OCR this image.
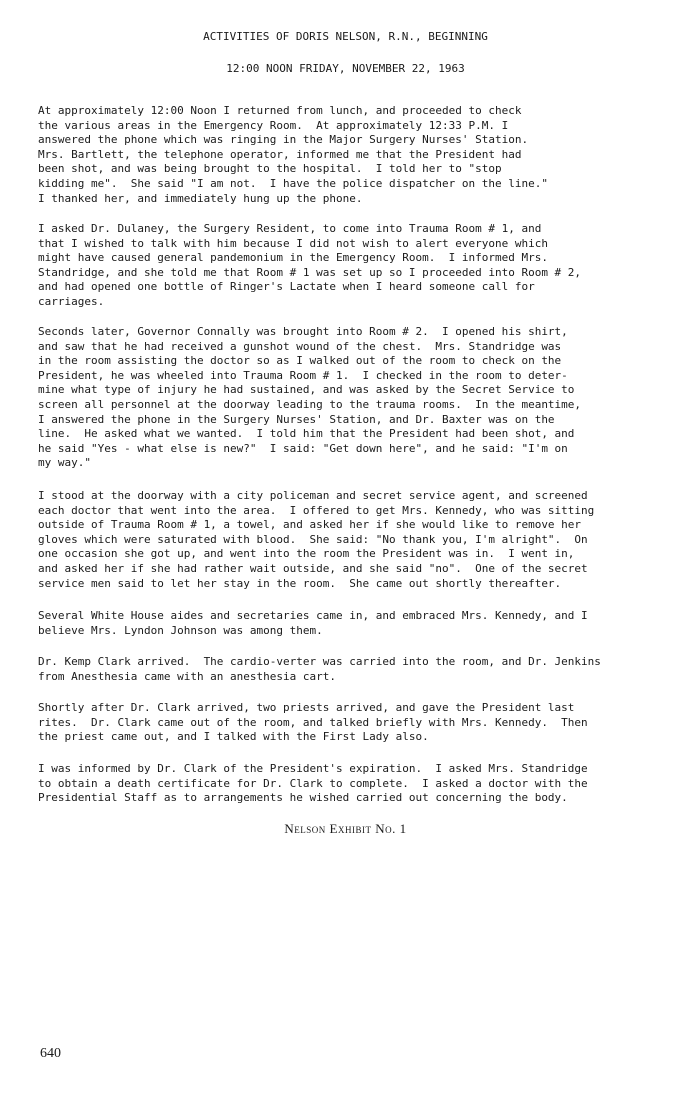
ACTIVITIES OF DORIS NELSON, R.N., BEGINNING
12:00 NOON FRIDAY, NOVEMBER 22, 1963
At approximately 12:00 Noon I returned from lunch, and proceeded to check
the various areas in the Emergency Room.  At approximately 12:33 P.M. I
answered the phone which was ringing in the Major Surgery Nurses' Station.
Mrs. Bartlett, the telephone operator, informed me that the President had
been shot, and was being brought to the hospital.  I told her to "stop
kidding me".  She said "I am not.  I have the police dispatcher on the line."
I thanked her, and immediately hung up the phone.
I asked Dr. Dulaney, the Surgery Resident, to come into Trauma Room # 1, and
that I wished to talk with him because I did not wish to alert everyone which
might have caused general pandemonium in the Emergency Room.  I informed Mrs.
Standridge, and she told me that Room # 1 was set up so I proceeded into Room # 2,
and had opened one bottle of Ringer's Lactate when I heard someone call for
carriages.
Seconds later, Governor Connally was brought into Room # 2.  I opened his shirt,
and saw that he had received a gunshot wound of the chest.  Mrs. Standridge was
in the room assisting the doctor so as I walked out of the room to check on the
President, he was wheeled into Trauma Room # 1.  I checked in the room to deter-
mine what type of injury he had sustained, and was asked by the Secret Service to
screen all personnel at the doorway leading to the trauma rooms.  In the meantime,
I answered the phone in the Surgery Nurses' Station, and Dr. Baxter was on the
line.  He asked what we wanted.  I told him that the President had been shot, and
he said "Yes - what else is new?"  I said: "Get down here", and he said: "I'm on
my way."
I stood at the doorway with a city policeman and secret service agent, and screened
each doctor that went into the area.  I offered to get Mrs. Kennedy, who was sitting
outside of Trauma Room # 1, a towel, and asked her if she would like to remove her
gloves which were saturated with blood.  She said: "No thank you, I'm alright".  On
one occasion she got up, and went into the room the President was in.  I went in,
and asked her if she had rather wait outside, and she said "no".  One of the secret
service men said to let her stay in the room.  She came out shortly thereafter.
Several White House aides and secretaries came in, and embraced Mrs. Kennedy, and I
believe Mrs. Lyndon Johnson was among them.
Dr. Kemp Clark arrived.  The cardio-verter was carried into the room, and Dr. Jenkins
from Anesthesia came with an anesthesia cart.
Shortly after Dr. Clark arrived, two priests arrived, and gave the President last
rites.  Dr. Clark came out of the room, and talked briefly with Mrs. Kennedy.  Then
the priest came out, and I talked with the First Lady also.
I was informed by Dr. Clark of the President's expiration.  I asked Mrs. Standridge
to obtain a death certificate for Dr. Clark to complete.  I asked a doctor with the
Presidential Staff as to arrangements he wished carried out concerning the body.
Nelson Exhibit No. 1
640
